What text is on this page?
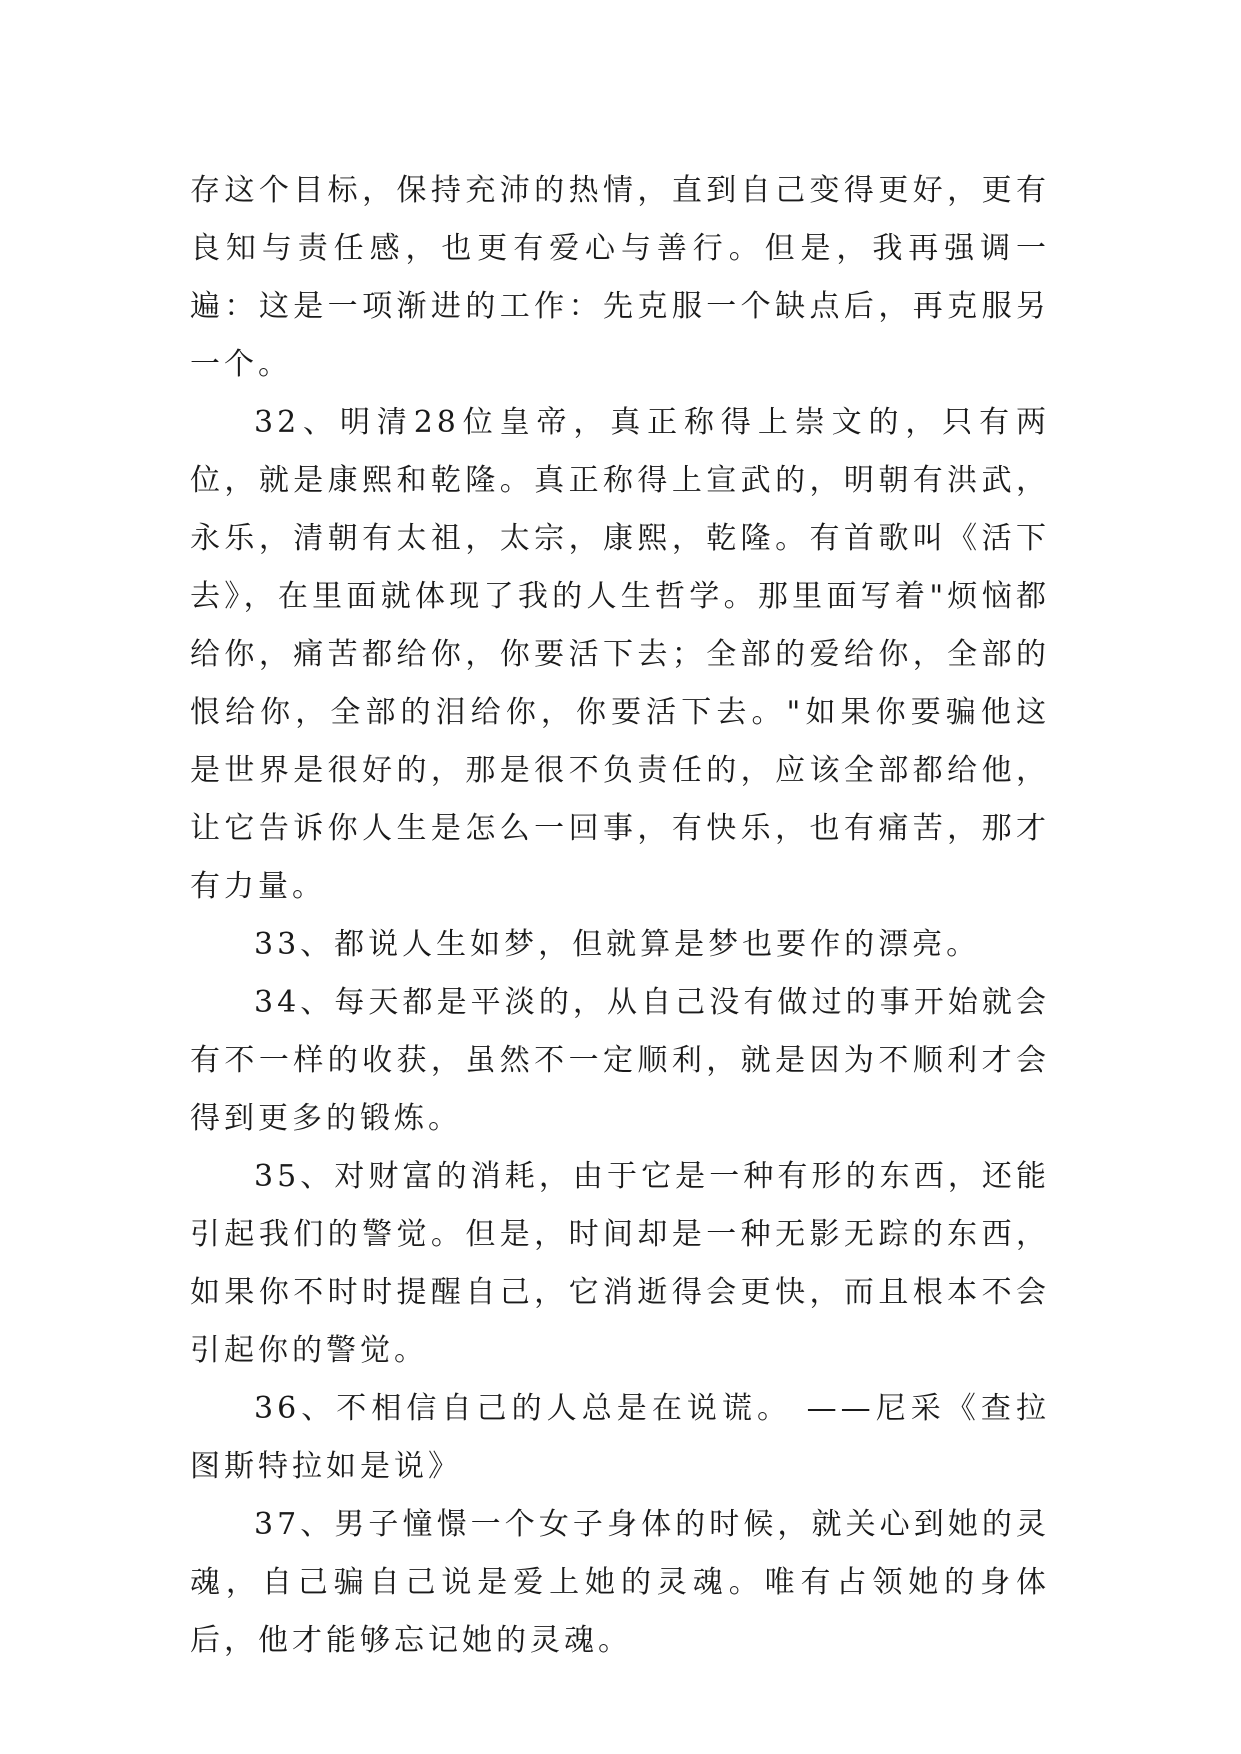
存这个目标，保持充沛的热情，直到自己变得更好，更有良知与责任感，也更有爱心与善行。但是，我再强调一遍：这是一项渐进的工作：先克服一个缺点后，再克服另一个。

32、明清28位皇帝，真正称得上崇文的，只有两位，就是康熙和乾隆。真正称得上宣武的，明朝有洪武，永乐，清朝有太祖，太宗，康熙，乾隆。有首歌叫《活下去》，在里面就体现了我的人生哲学。那里面写着"烦恼都给你，痛苦都给你，你要活下去；全部的爱给你，全部的恨给你，全部的泪给你，你要活下去。"如果你要骗他这是世界是很好的，那是很不负责任的，应该全部都给他，让它告诉你人生是怎么一回事，有快乐，也有痛苦，那才有力量。

33、都说人生如梦，但就算是梦也要作的漂亮。

34、每天都是平淡的，从自己没有做过的事开始就会有不一样的收获，虽然不一定顺利，就是因为不顺利才会得到更多的锻炼。

35、对财富的消耗，由于它是一种有形的东西，还能引起我们的警觉。但是，时间却是一种无影无踪的东西，如果你不时时提醒自己，它消逝得会更快，而且根本不会引起你的警觉。

36、不相信自己的人总是在说谎。 ——尼采《查拉图斯特拉如是说》

37、男子憧憬一个女子身体的时候，就关心到她的灵魂，自己骗自己说是爱上她的灵魂。唯有占领她的身体后，他才能够忘记她的灵魂。
